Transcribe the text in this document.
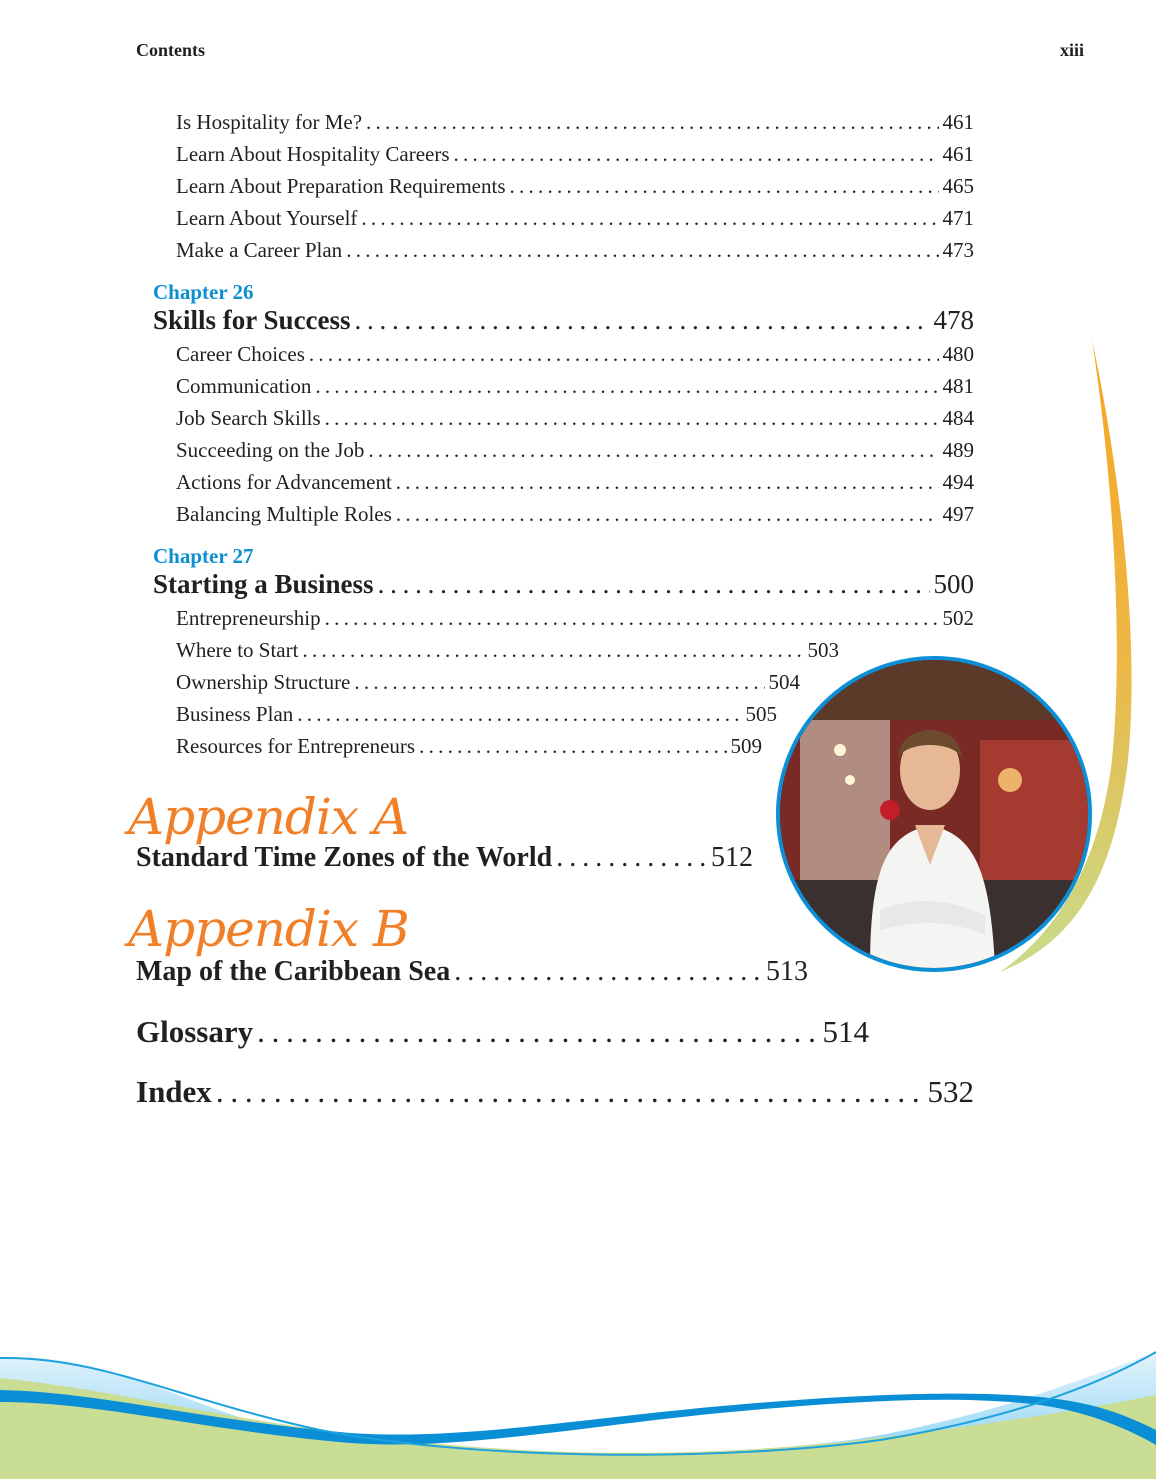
Contents	xiii
Is Hospitality for Me? . . .	461
Learn About Hospitality Careers . . .	461
Learn About Preparation Requirements . . .	465
Learn About Yourself . . .	471
Make a Career Plan . . .	473
Chapter 26
Skills for Success . . .	478
Career Choices . . .	480
Communication . . .	481
Job Search Skills . . .	484
Succeeding on the Job . . .	489
Actions for Advancement . . .	494
Balancing Multiple Roles . . .	497
Chapter 27
Starting a Business . . .	500
Entrepreneurship . . .	502
Where to Start . . .	503
Ownership Structure . . .	504
Business Plan . . .	505
Resources for Entrepreneurs . . .	509
Appendix A
Standard Time Zones of the World . . .	512
Appendix B
Map of the Caribbean Sea . . .	513
Glossary . . .	514
Index . . .	532
